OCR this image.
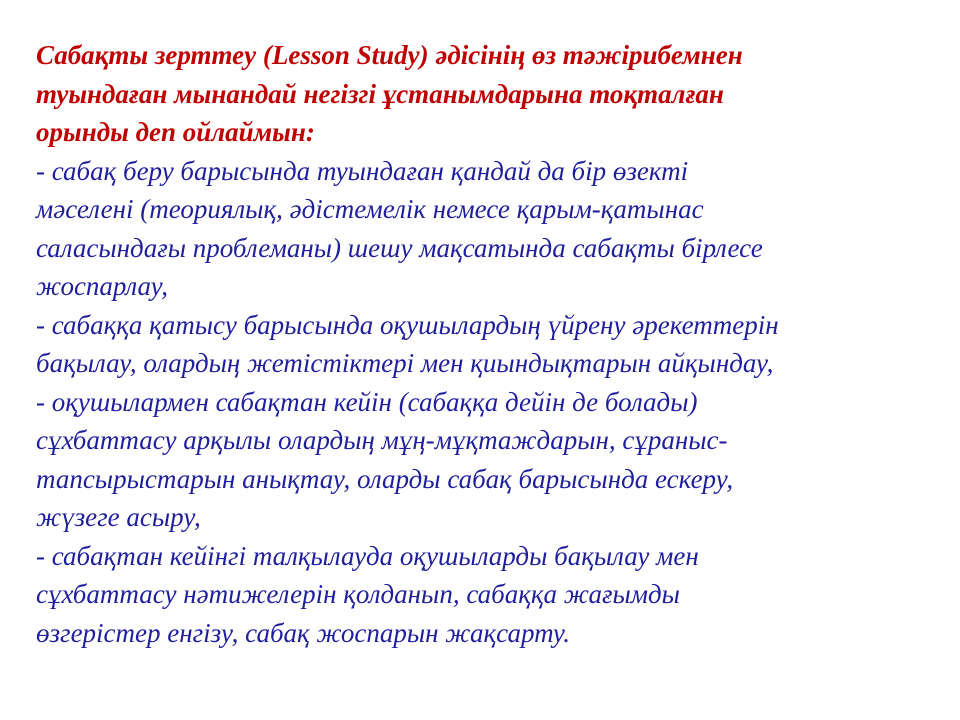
Сабақты зерттеу (Lesson Study) әдісінің өз тәжірибемнен
туындаған мынандай негізгі ұстанымдарына тоқталған
орынды деп ойлаймын:
- сабақ беру барысында туындаған қандай да бір өзекті
мәселені (теориялық, әдістемелік немесе қарым-қатынас
саласындағы проблеманы) шешу мақсатында сабақты бірлесе
жоспарлау,
- сабаққа қатысу барысында оқушылардың үйрену әрекеттерін
бақылау, олардың жетістіктері мен қиындықтарын айқындау,
- оқушылармен сабақтан кейін (сабаққа дейін де болады)
сұхбаттасу арқылы олардың мұң-мұқтаждарын, сұраныс-
тапсырыстарын анықтау, оларды сабақ барысында ескеру,
жүзеге асыру,
- сабақтан кейінгі талқылауда оқушыларды бақылау мен
сұхбаттасу нәтижелерін қолданып, сабаққа жағымды
өзгерістер енгізу, сабақ жоспарын жақсарту.
